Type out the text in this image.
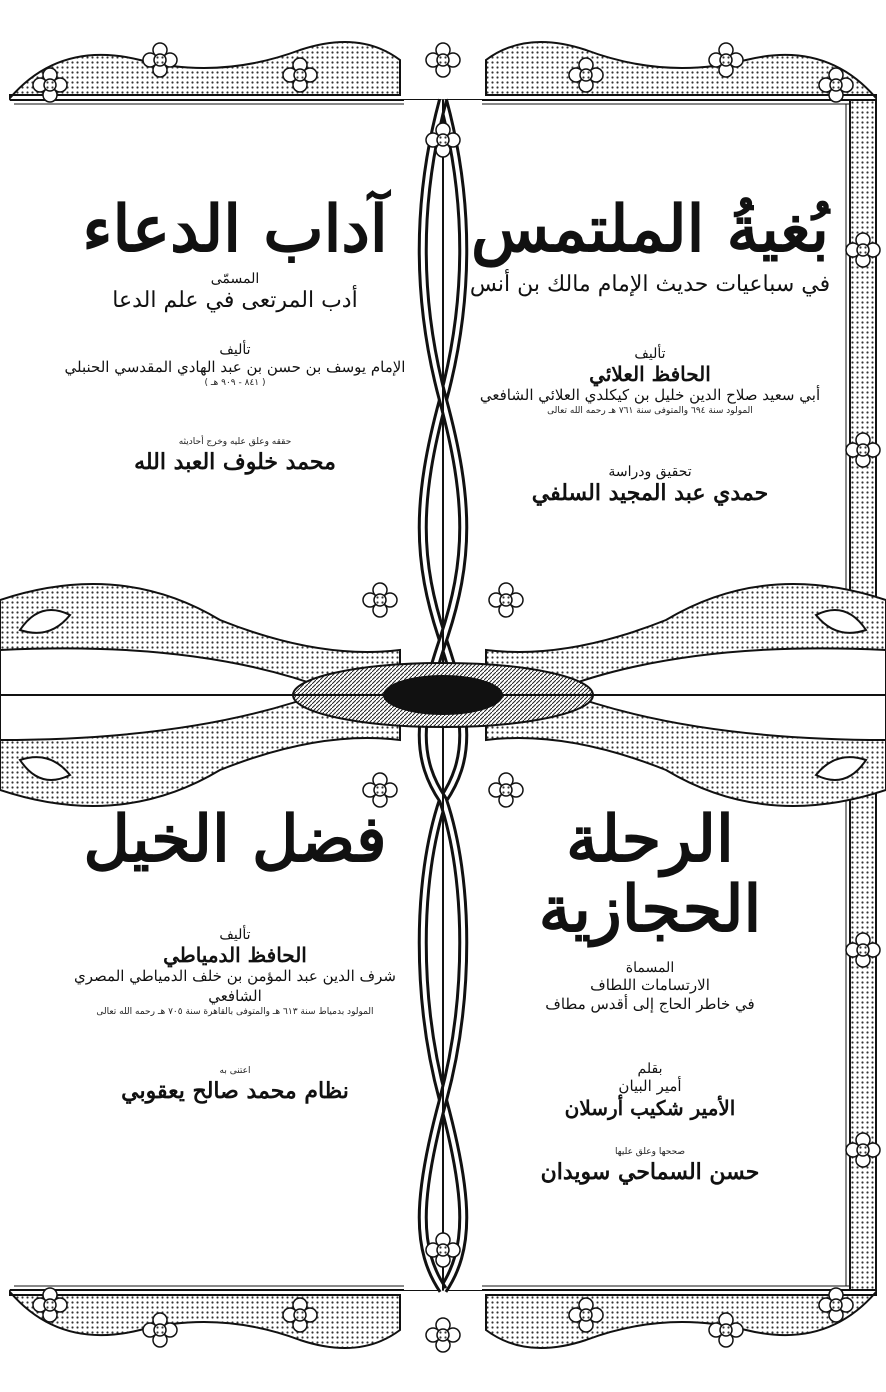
بُغيةُ الملتمس

في سباعيات حديث الإمام مالك بن أنس

تأليف

الحافظ العلائي

أبي سعيد صلاح الدين خليل بن كيكلدي العلائي الشافعي

المولود سنة ٦٩٤ والمتوفى سنة ٧٦١ هـ رحمه الله تعالى

تحقيق ودراسة

حمدي عبد المجيد السلفي

آداب الدعاء

المسمّى

أدب المرتعى في علم الدعا

تأليف

الإمام يوسف بن حسن بن عبد الهادي المقدسي الحنبلي

( ٨٤١ - ٩٠٩ هـ )

حققه وعلق عليه وخرج أحاديثه

محمد خلوف العبد الله

الرحلة الحجازية

المسماة

الارتسامات اللطاف

في خاطر الحاج إلى أقدس مطاف

بقلم

أمير البيان

الأمير شكيب أرسلان

صححها وعلق عليها

حسن السماحي سويدان

فضل الخيل

تأليف

الحافظ الدمياطي

شرف الدين عبد المؤمن بن خلف الدمياطي المصري الشافعي

المولود بدمياط سنة ٦١٣ هـ والمتوفى بالقاهرة سنة ٧٠٥ هـ رحمه الله تعالى

اعتنى به

نظام محمد صالح يعقوبي
